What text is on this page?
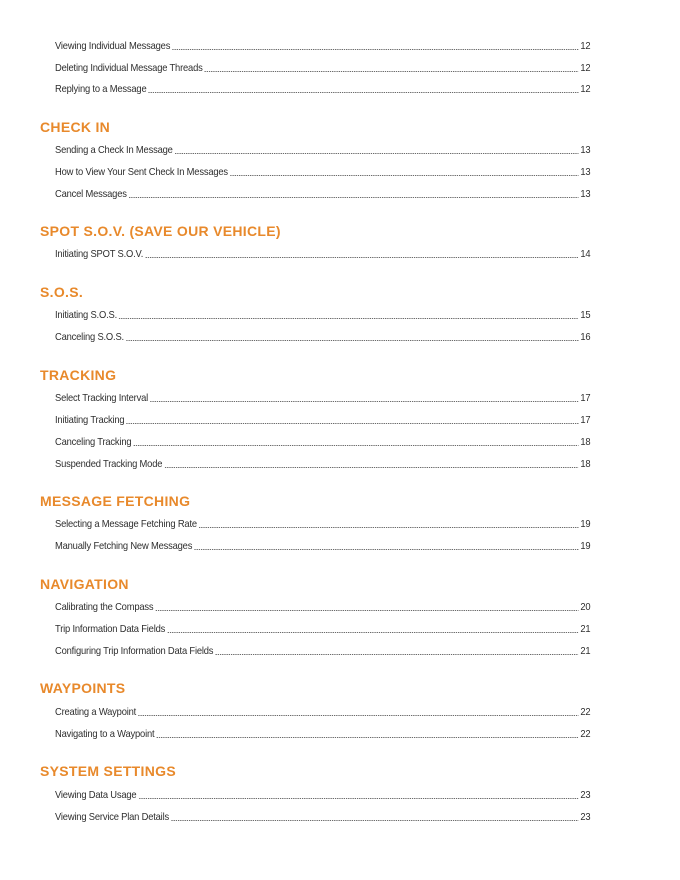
Viewing Individual Messages	12
Deleting Individual Message Threads	12
Replying to a Message	12
CHECK IN
Sending a Check In Message	13
How to View Your Sent Check In Messages	13
Cancel Messages	13
SPOT S.O.V. (SAVE OUR VEHICLE)
Initiating SPOT S.O.V.	14
S.O.S.
Initiating S.O.S.	15
Canceling S.O.S.	16
TRACKING
Select Tracking Interval	17
Initiating Tracking	17
Canceling Tracking	18
Suspended Tracking Mode	18
MESSAGE FETCHING
Selecting a Message Fetching Rate	19
Manually Fetching New Messages	19
NAVIGATION
Calibrating the Compass	20
Trip Information Data Fields	21
Configuring Trip Information Data Fields	21
WAYPOINTS
Creating a Waypoint	22
Navigating to a Waypoint	22
SYSTEM SETTINGS
Viewing Data Usage	23
Viewing Service Plan Details	23
